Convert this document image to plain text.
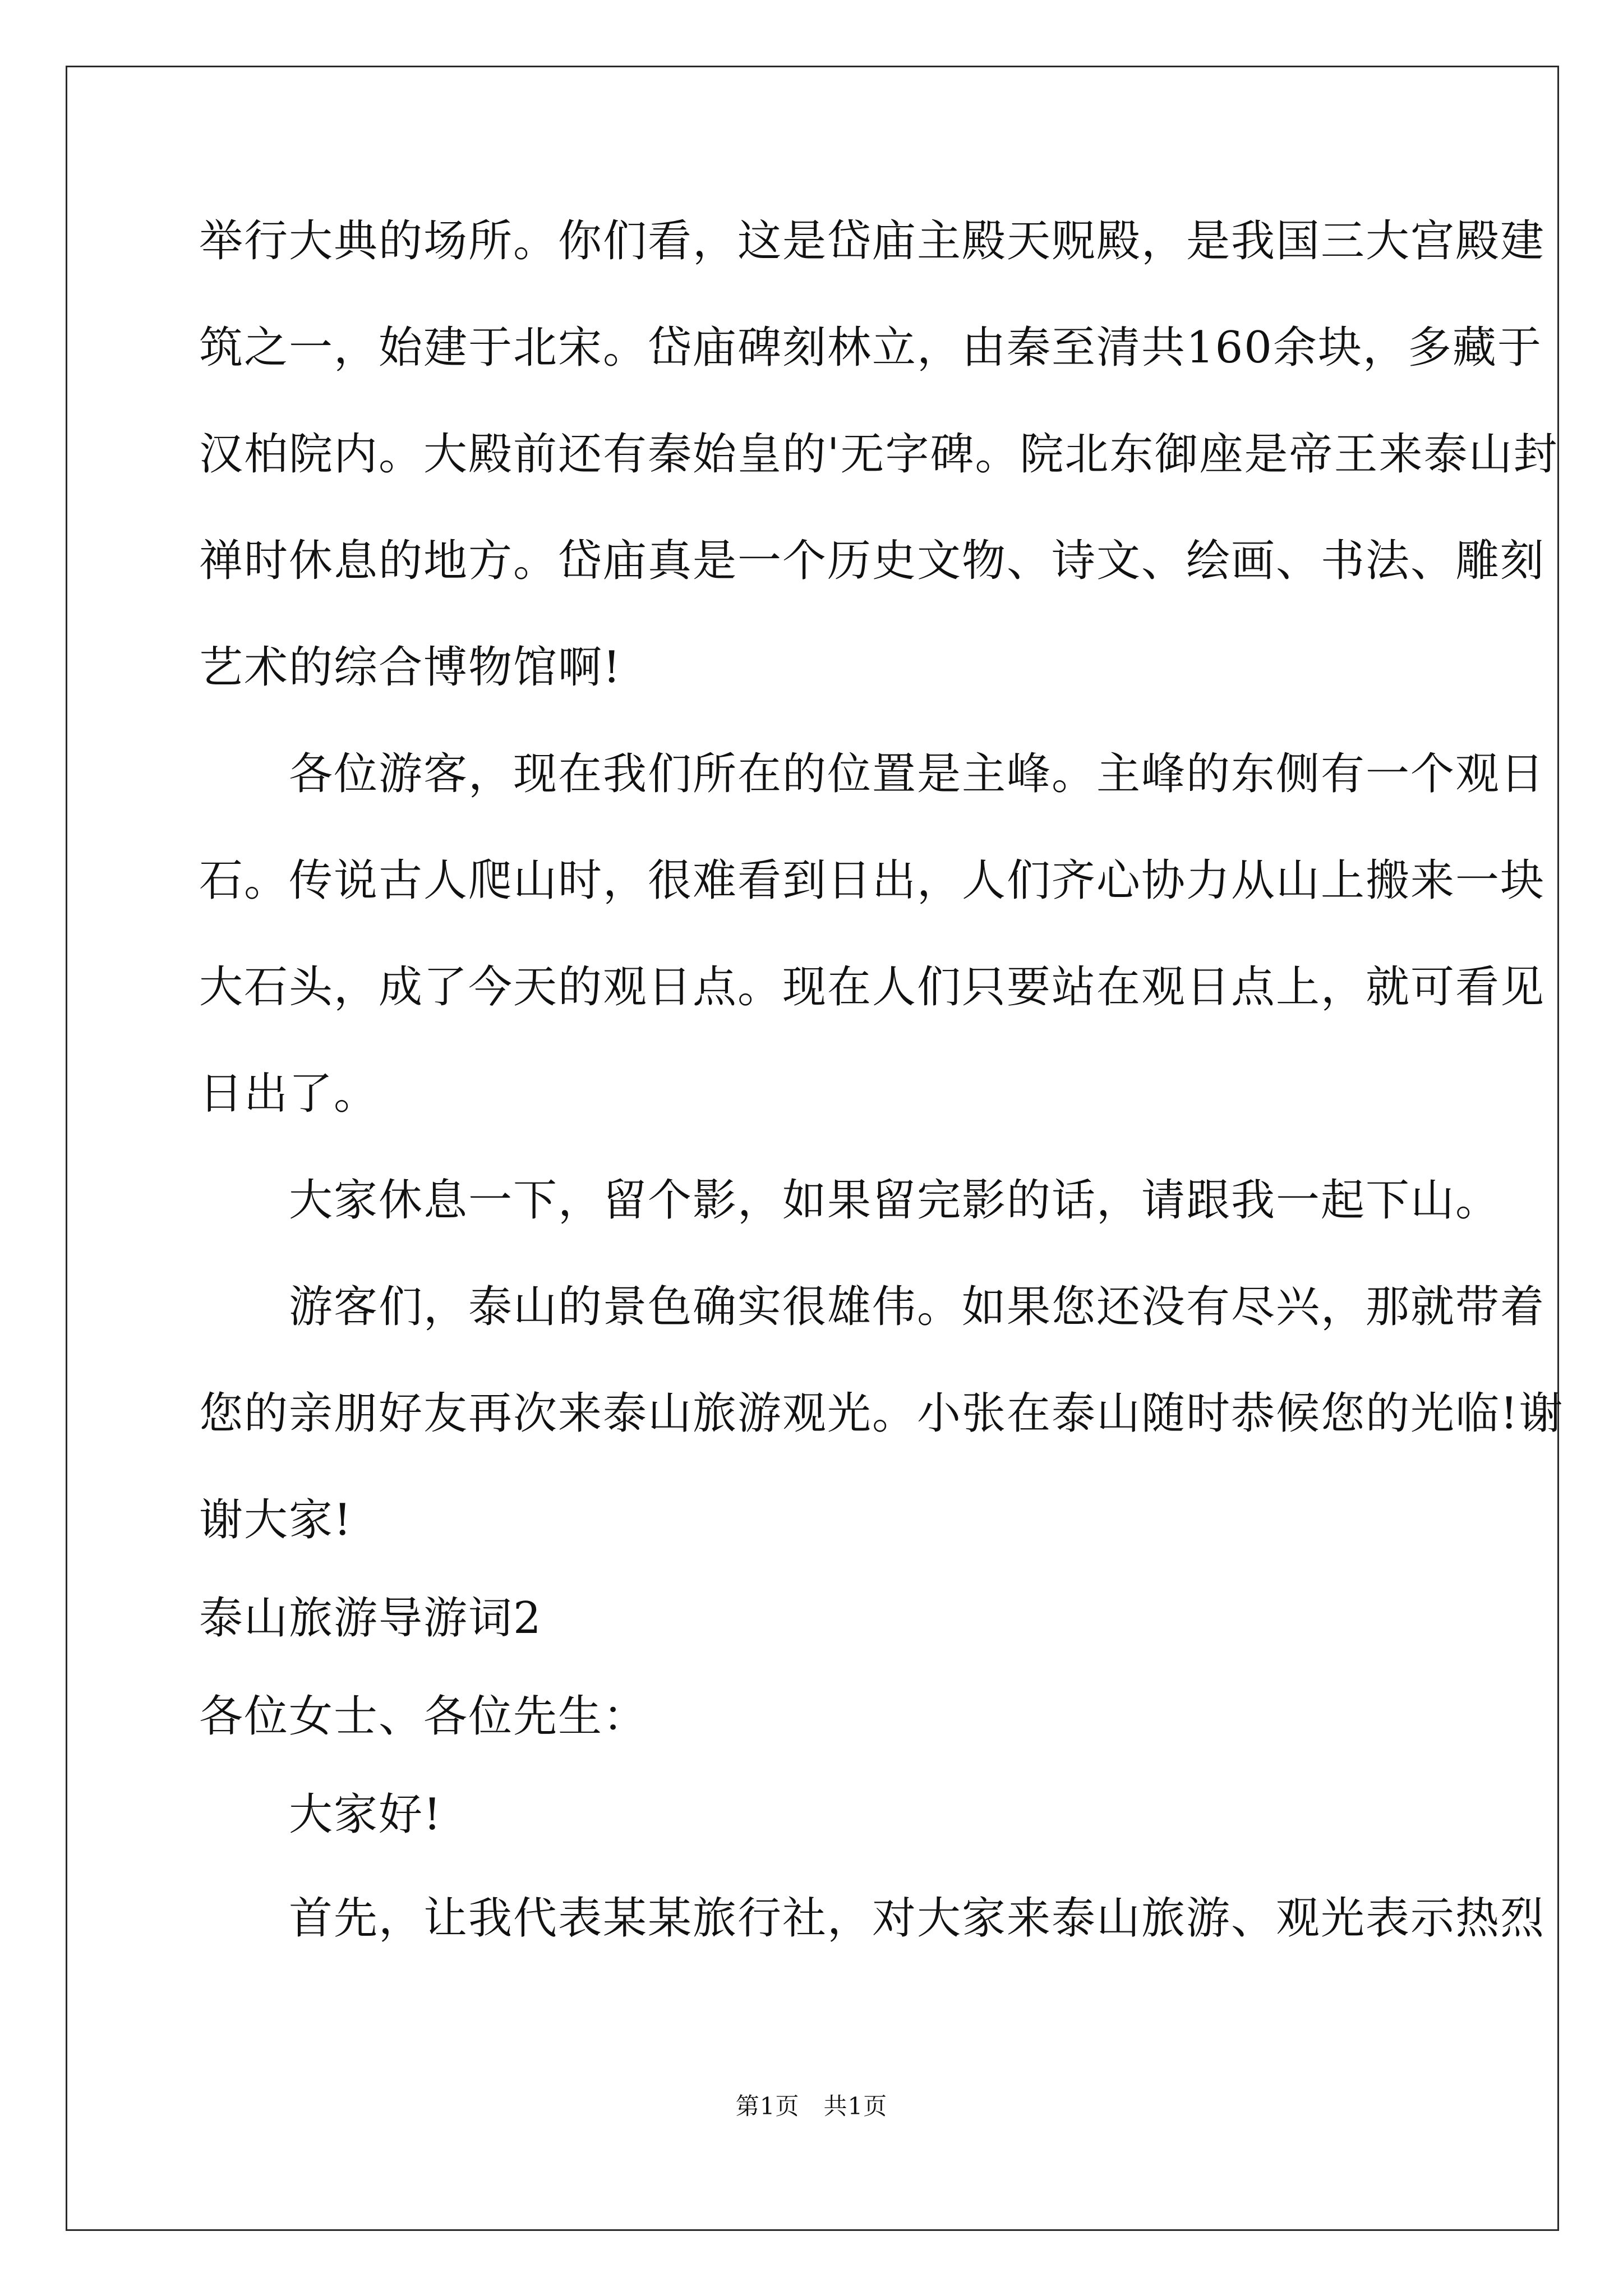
举行大典的场所。你们看，这是岱庙主殿天贶殿，是我国三大宫殿建
筑之一，始建于北宋。岱庙碑刻林立，由秦至清共160余块，多藏于
汉柏院内。大殿前还有秦始皇的'无字碑。院北东御座是帝王来泰山封
禅时休息的地方。岱庙真是一个历史文物、诗文、绘画、书法、雕刻
艺术的综合博物馆啊!
　　各位游客，现在我们所在的位置是主峰。主峰的东侧有一个观日
石。传说古人爬山时，很难看到日出，人们齐心协力从山上搬来一块
大石头，成了今天的观日点。现在人们只要站在观日点上，就可看见
日出了。
　　大家休息一下，留个影，如果留完影的话，请跟我一起下山。
　　游客们，泰山的景色确实很雄伟。如果您还没有尽兴，那就带着
您的亲朋好友再次来泰山旅游观光。小张在泰山随时恭候您的光临!谢
谢大家!
泰山旅游导游词2
各位女士、各位先生：
　　大家好!
　　首先，让我代表某某旅行社，对大家来泰山旅游、观光表示热烈
第1页　共1页
